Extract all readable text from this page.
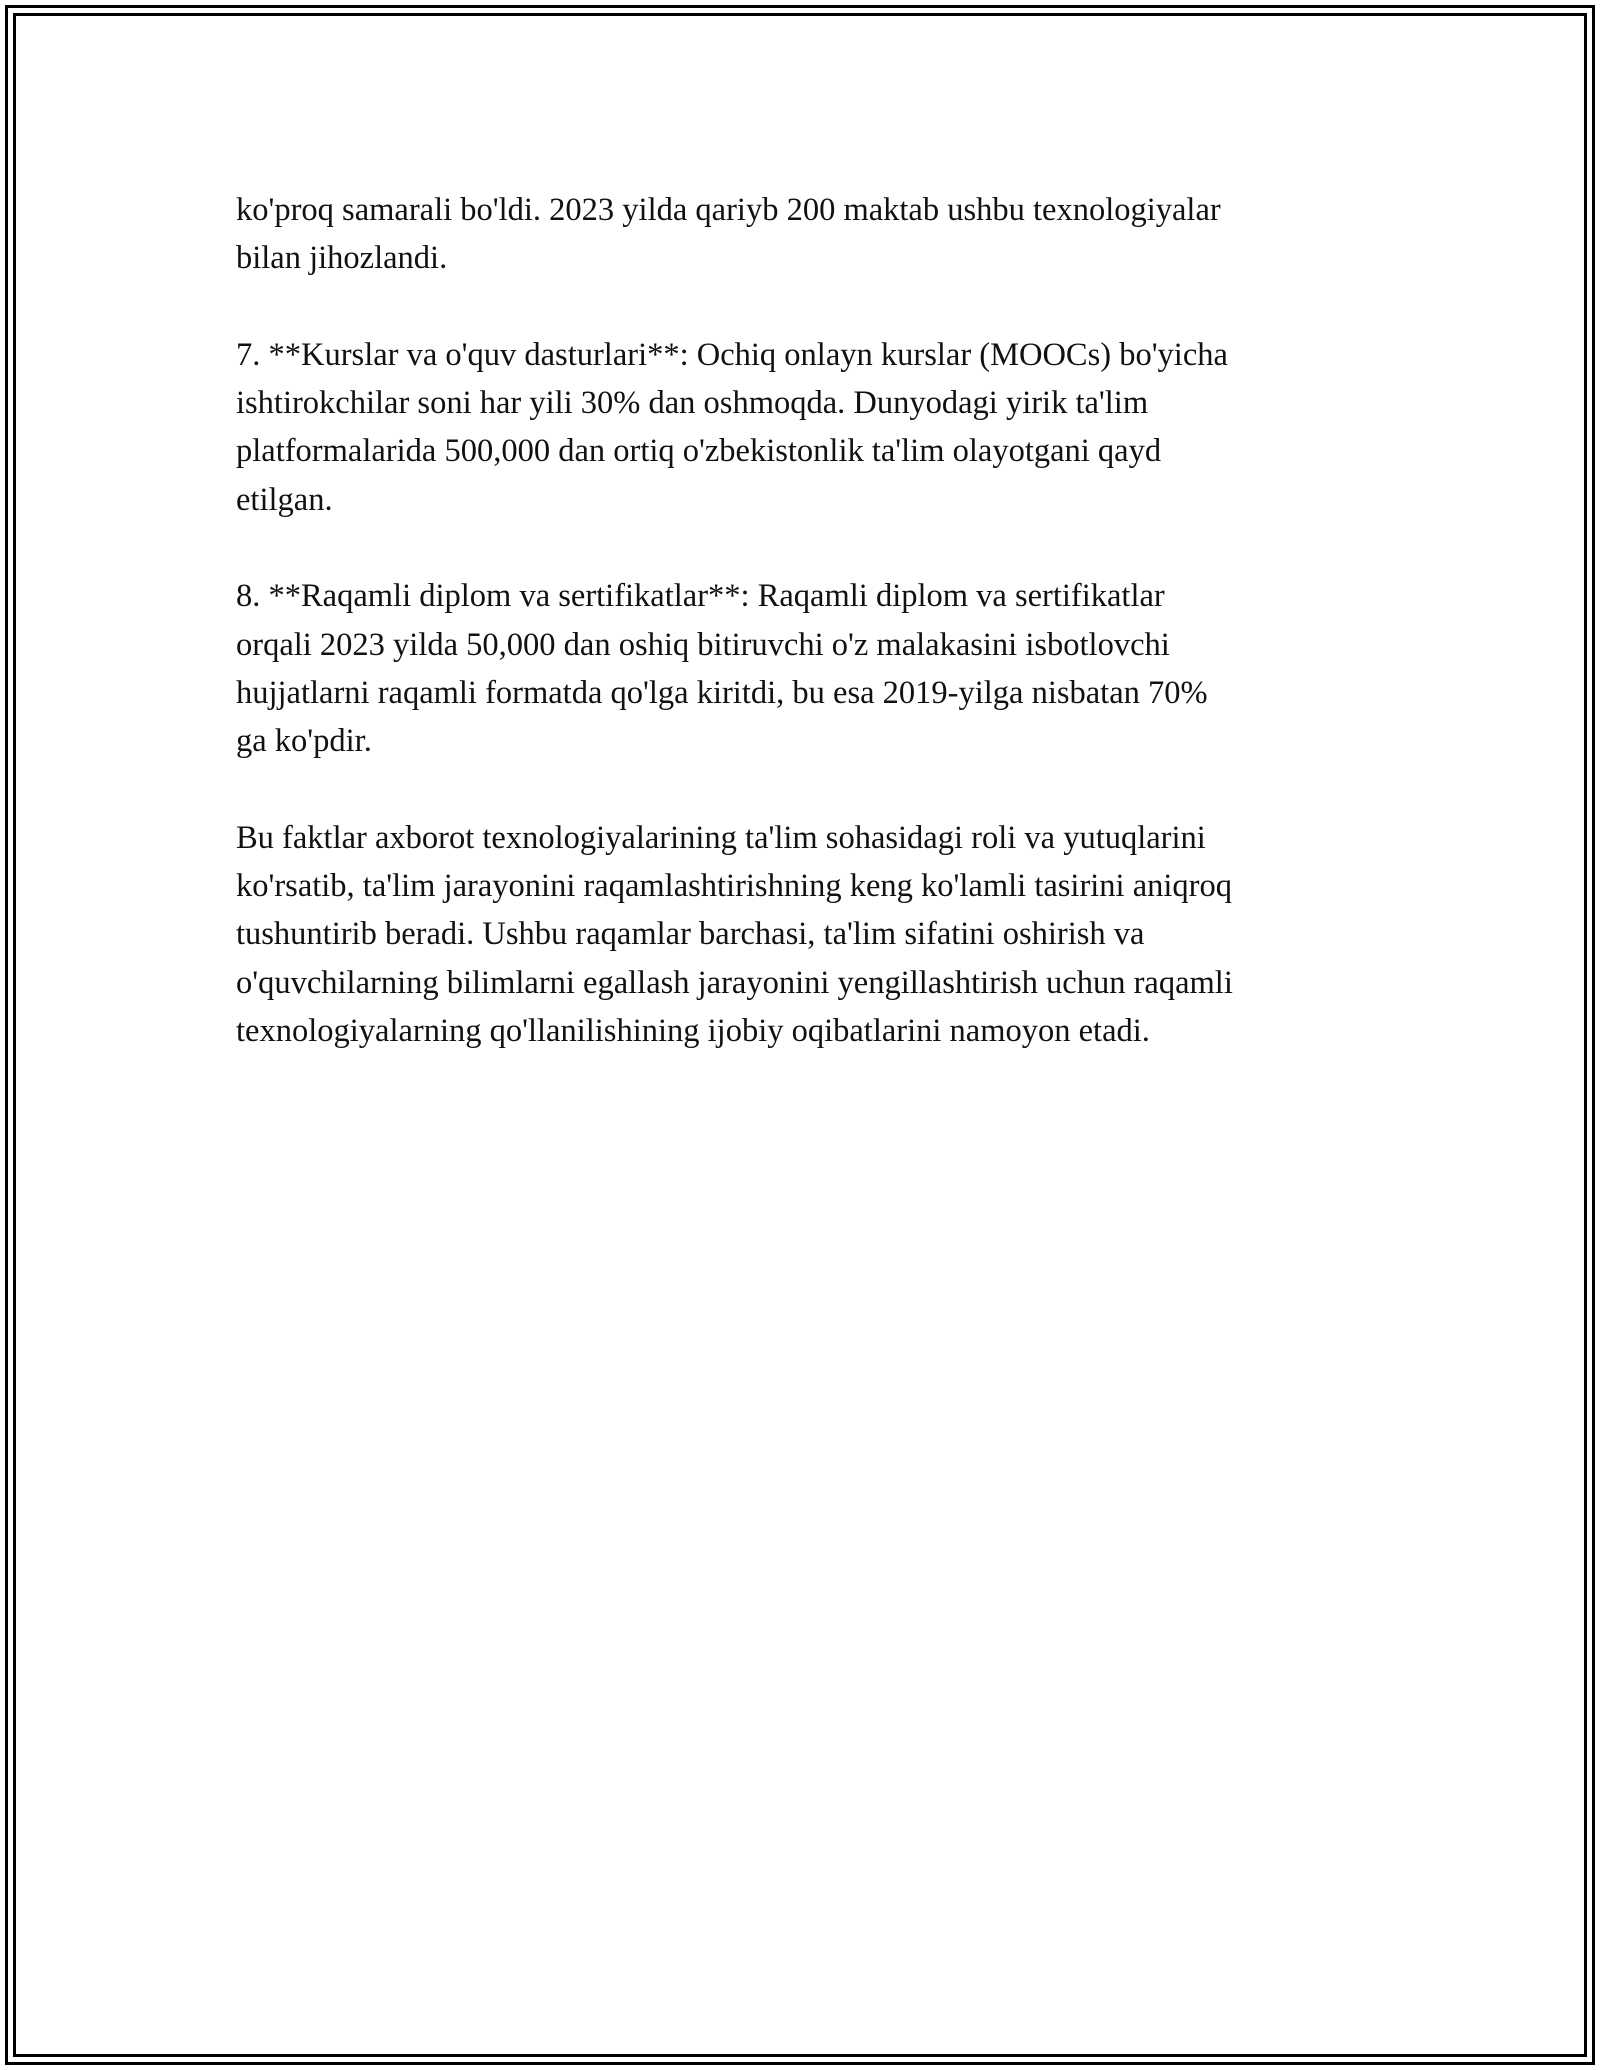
ko'proq samarali bo'ldi. 2023 yilda qariyb 200 maktab ushbu texnologiyalar
bilan jihozlandi.

7. **Kurslar va o'quv dasturlari**: Ochiq onlayn kurslar (MOOCs) bo'yicha
ishtirokchilar soni har yili 30% dan oshmoqda. Dunyodagi yirik ta'lim
platformalarida 500,000 dan ortiq o'zbekistonlik ta'lim olayotgani qayd
etilgan.

8. **Raqamli diplom va sertifikatlar**: Raqamli diplom va sertifikatlar
orqali 2023 yilda 50,000 dan oshiq bitiruvchi o'z malakasini isbotlovchi
hujjatlarni raqamli formatda qo'lga kiritdi, bu esa 2019-yilga nisbatan 70%
ga ko'pdir.

Bu faktlar axborot texnologiyalarining ta'lim sohasidagi roli va yutuqlarini
ko'rsatib, ta'lim jarayonini raqamlashtirishning keng ko'lamli tasirini aniqroq
tushuntirib beradi. Ushbu raqamlar barchasi, ta'lim sifatini oshirish va
o'quvchilarning bilimlarni egallash jarayonini yengillashtirish uchun raqamli
texnologiyalarning qo'llanilishining ijobiy oqibatlarini namoyon etadi.
